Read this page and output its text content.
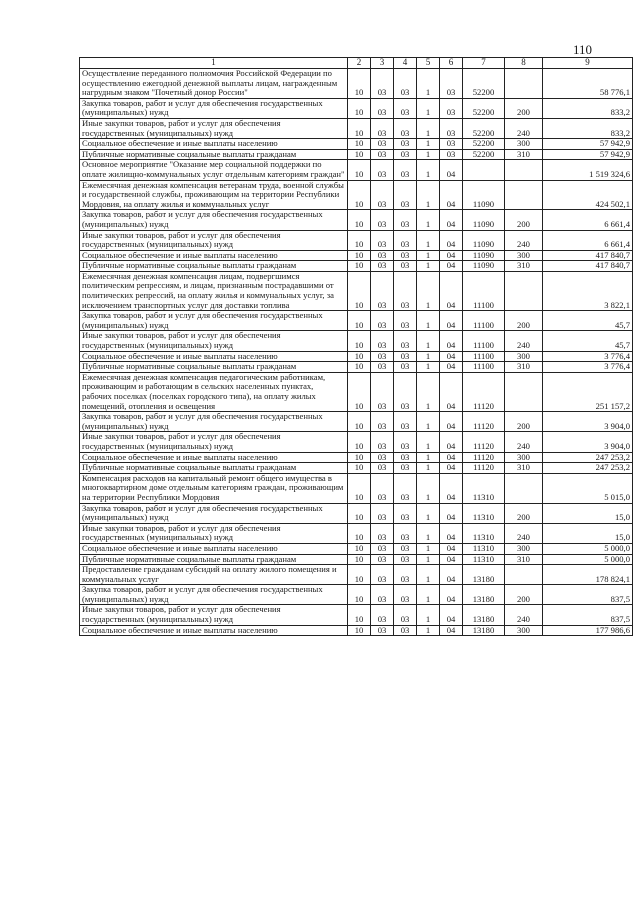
110
1	2	3	4	5	6	7	8	9
Осуществление переданного полномочия Российской Федерации по осуществлению ежегодной денежной выплаты лицам, награжденным нагрудным знаком "Почетный донор России"	10	03	03	1	03	52200		58 776,1
Закупка товаров, работ и услуг для обеспечения государственных (муниципальных) нужд	10	03	03	1	03	52200	200	833,2
Иные закупки товаров, работ и услуг для обеспечения государственных (муниципальных) нужд	10	03	03	1	03	52200	240	833,2
Социальное обеспечение и иные выплаты населению	10	03	03	1	03	52200	300	57 942,9
Публичные нормативные социальные выплаты гражданам	10	03	03	1	03	52200	310	57 942,9
Основное мероприятие "Оказание мер социальной поддержки по оплате жилищно-коммунальных услуг отдельным категориям граждан"	10	03	03	1	04			1 519 324,6
Ежемесячная денежная компенсация ветеранам труда, военной службы и государственной службы, проживающим на территории Республики Мордовия, на оплату жилья и коммунальных услуг	10	03	03	1	04	11090		424 502,1
Закупка товаров, работ и услуг для обеспечения государственных (муниципальных) нужд	10	03	03	1	04	11090	200	6 661,4
Иные закупки товаров, работ и услуг для обеспечения государственных (муниципальных) нужд	10	03	03	1	04	11090	240	6 661,4
Социальное обеспечение и иные выплаты населению	10	03	03	1	04	11090	300	417 840,7
Публичные нормативные социальные выплаты гражданам	10	03	03	1	04	11090	310	417 840,7
Ежемесячная денежная компенсация лицам, подвергшимся политическим репрессиям, и лицам, признанным пострадавшими от политических репрессий, на оплату жилья и коммунальных услуг, за исключением транспортных услуг для доставки топлива	10	03	03	1	04	11100		3 822,1
Закупка товаров, работ и услуг для обеспечения государственных (муниципальных) нужд	10	03	03	1	04	11100	200	45,7
Иные закупки товаров, работ и услуг для обеспечения государственных (муниципальных) нужд	10	03	03	1	04	11100	240	45,7
Социальное обеспечение и иные выплаты населению	10	03	03	1	04	11100	300	3 776,4
Публичные нормативные социальные выплаты гражданам	10	03	03	1	04	11100	310	3 776,4
Ежемесячная денежная компенсация педагогическим работникам, проживающим и работающим в сельских населенных пунктах, рабочих поселках (поселках городского типа), на оплату жилых помещений, отопления и освещения	10	03	03	1	04	11120		251 157,2
Закупка товаров, работ и услуг для обеспечения государственных (муниципальных) нужд	10	03	03	1	04	11120	200	3 904,0
Иные закупки товаров, работ и услуг для обеспечения государственных (муниципальных) нужд	10	03	03	1	04	11120	240	3 904,0
Социальное обеспечение и иные выплаты населению	10	03	03	1	04	11120	300	247 253,2
Публичные нормативные социальные выплаты гражданам	10	03	03	1	04	11120	310	247 253,2
Компенсация расходов на капитальный ремонт общего имущества в многоквартирном доме отдельным категориям граждан, проживающим на территории Республики Мордовия	10	03	03	1	04	11310		5 015,0
Закупка товаров, работ и услуг для обеспечения государственных (муниципальных) нужд	10	03	03	1	04	11310	200	15,0
Иные закупки товаров, работ и услуг для обеспечения государственных (муниципальных) нужд	10	03	03	1	04	11310	240	15,0
Социальное обеспечение и иные выплаты населению	10	03	03	1	04	11310	300	5 000,0
Публичные нормативные социальные выплаты гражданам	10	03	03	1	04	11310	310	5 000,0
Предоставление гражданам субсидий на оплату жилого помещения и коммунальных услуг	10	03	03	1	04	13180		178 824,1
Закупка товаров, работ и услуг для обеспечения государственных (муниципальных) нужд	10	03	03	1	04	13180	200	837,5
Иные закупки товаров, работ и услуг для обеспечения государственных (муниципальных) нужд	10	03	03	1	04	13180	240	837,5
Социальное обеспечение и иные выплаты населению	10	03	03	1	04	13180	300	177 986,6
